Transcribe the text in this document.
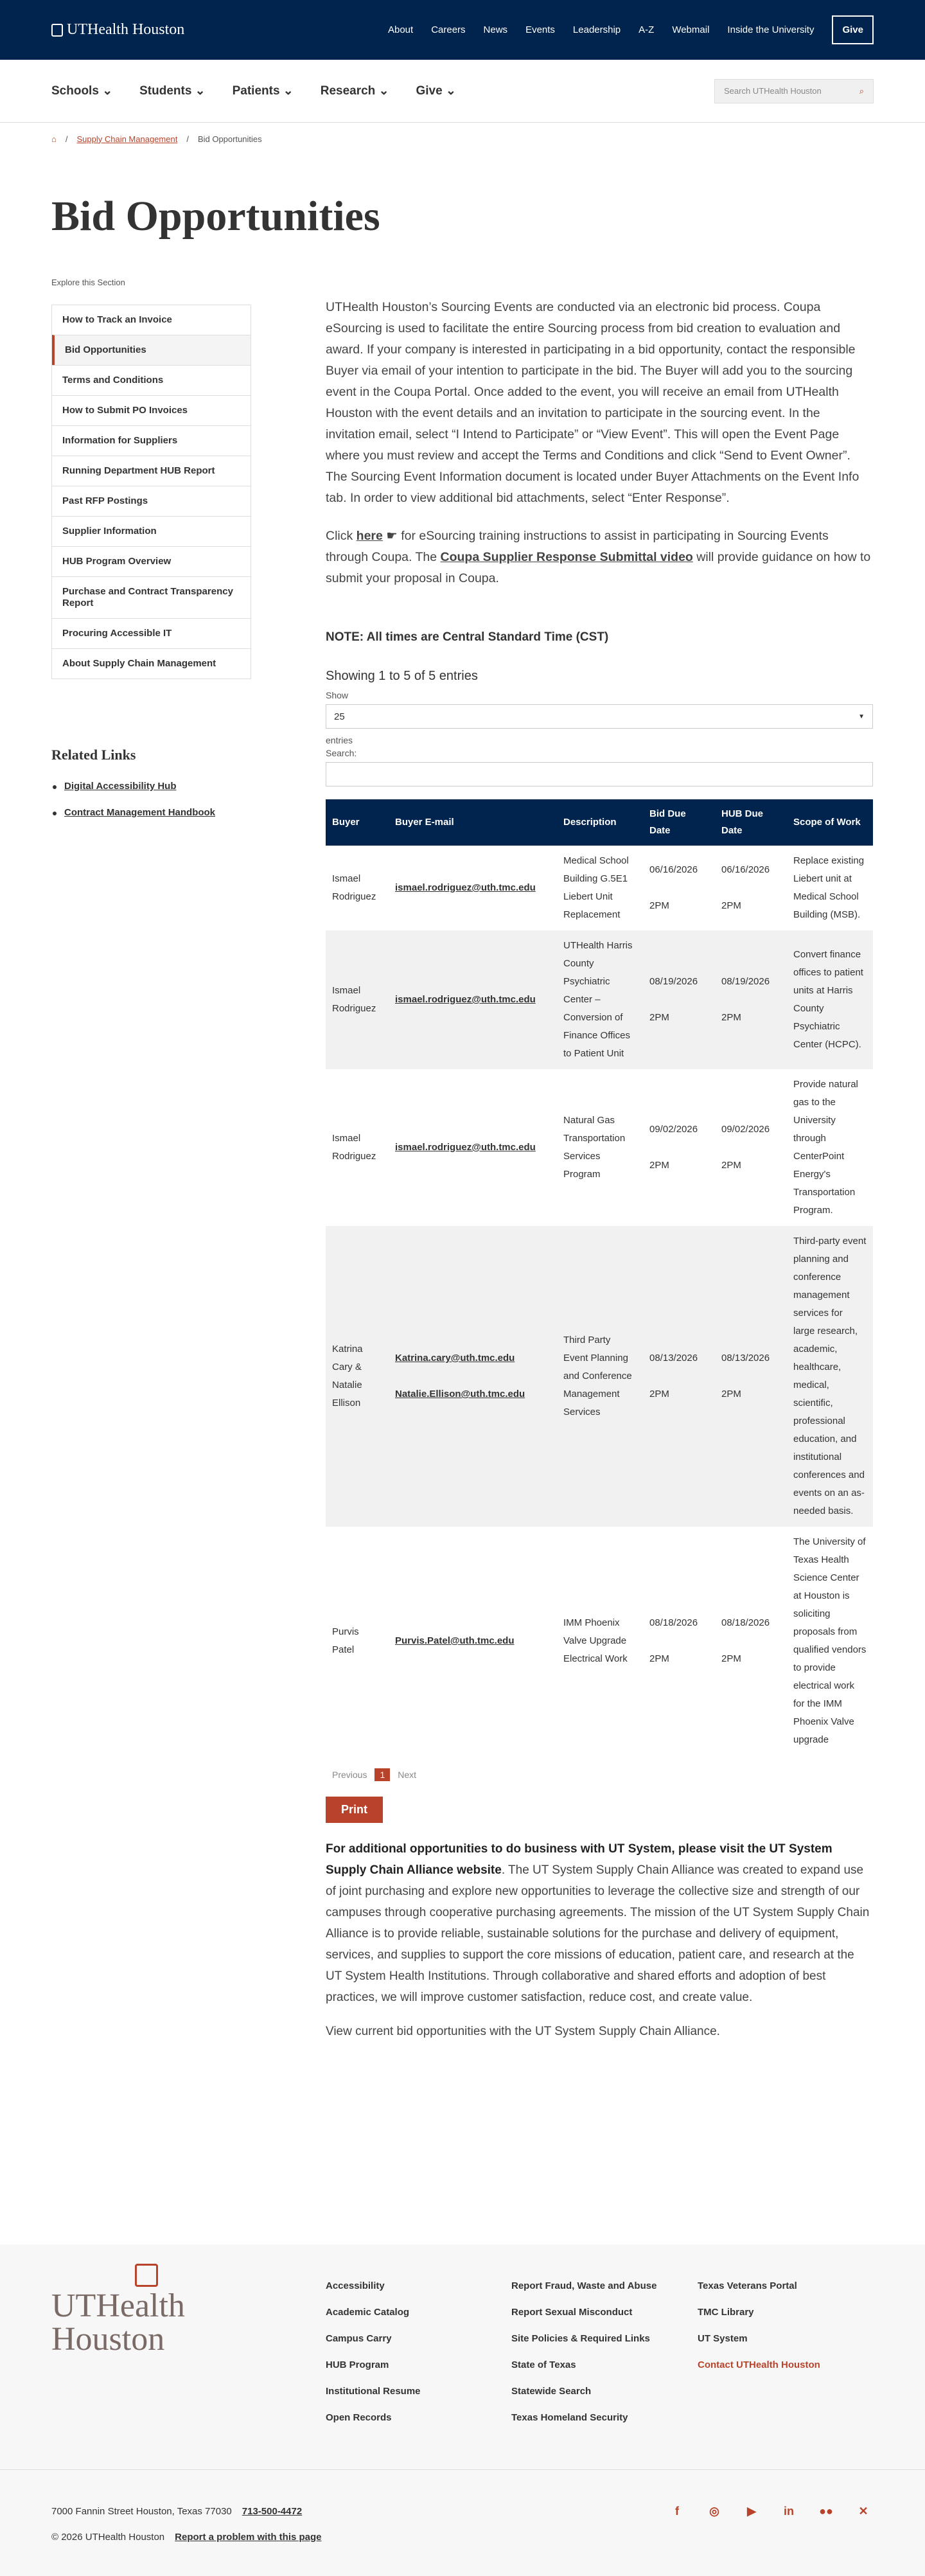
UTHealth Houston	About Careers News Events Leadership A-Z Webmail Inside the University	Give
Schools ⌄ Students ⌄ Patients ⌄ Research ⌄ Give ⌄	Search UTHealth Houston	⌕
⌂ / Supply Chain Management / Bid Opportunities
Bid Opportunities
Explore this Section
How to Track an Invoice
Bid Opportunities
Terms and Conditions
How to Submit PO Invoices
Information for Suppliers
Running Department HUB Report
Past RFP Postings
Supplier Information
HUB Program Overview
Purchase and Contract Transparency Report
Procuring Accessible IT
About Supply Chain Management
Related Links
Digital Accessibility Hub
Contract Management Handbook

UTHealth Houston’s Sourcing Events are conducted via an electronic bid process. Coupa eSourcing is used to facilitate the entire Sourcing process from bid creation to evaluation and award. If your company is interested in participating in a bid opportunity, contact the responsible Buyer via email of your intention to participate in the bid. The Buyer will add you to the sourcing event in the Coupa Portal. Once added to the event, you will receive an email from UTHealth Houston with the event details and an invitation to participate in the sourcing event. In the invitation email, select “I Intend to Participate” or “View Event”. This will open the Event Page where you must review and accept the Terms and Conditions and click “Send to Event Owner”. The Sourcing Event Information document is located under Buyer Attachments on the Event Info tab. In order to view additional bid attachments, select “Enter Response”.

Click here ☛ for eSourcing training instructions to assist in participating in Sourcing Events through Coupa. The Coupa Supplier Response Submittal video will provide guidance on how to submit your proposal in Coupa.

NOTE: All times are Central Standard Time (CST)

Showing 1 to 5 of 5 entries

Show

25	▼

entries

Search:

Buyer	Buyer E-mail	Description	Bid Due Date	HUB Due Date	Scope of Work
Ismael Rodriguez	ismael.rodriguez@uth.tmc.edu	Medical School Building G.5E1 Liebert Unit Replacement	06/16/2026

2PM	06/16/2026

2PM	Replace existing Liebert unit at Medical School Building (MSB).
Ismael Rodriguez	ismael.rodriguez@uth.tmc.edu	UTHealth Harris County Psychiatric Center – Conversion of Finance Offices to Patient Unit	08/19/2026

2PM	08/19/2026

2PM	Convert finance offices to patient units at Harris County Psychiatric Center (HCPC).
Ismael Rodriguez	ismael.rodriguez@uth.tmc.edu	Natural Gas Transportation Services Program	09/02/2026

2PM	09/02/2026

2PM	Provide natural gas to the University through CenterPoint Energy's Transportation Program.
Katrina Cary & Natalie Ellison	Katrina.cary@uth.tmc.edu

Natalie.Ellison@uth.tmc.edu	Third Party Event Planning and Conference Management Services	08/13/2026

2PM	08/13/2026

2PM	Third-party event planning and conference management services for large research, academic, healthcare, medical, scientific, professional education, and institutional conferences and events on an as-needed basis.
Purvis Patel	Purvis.Patel@uth.tmc.edu	IMM Phoenix Valve Upgrade Electrical Work	08/18/2026

2PM	08/18/2026

2PM	The University of Texas Health Science Center at Houston is soliciting proposals from qualified vendors to provide electrical work for the IMM Phoenix Valve upgrade
Previous	1	Next
Print

For additional opportunities to do business with UT System, please visit the UT System Supply Chain Alliance website. The UT System Supply Chain Alliance was created to expand use of joint purchasing and explore new opportunities to leverage the collective size and strength of our campuses through cooperative purchasing agreements. The mission of the UT System Supply Chain Alliance is to provide reliable, sustainable solutions for the purchase and delivery of equipment, services, and supplies to support the core missions of education, patient care, and research at the UT System Health Institutions. Through collaborative and shared efforts and adoption of best practices, we will improve customer satisfaction, reduce cost, and create value.

View current bid opportunities with the UT System Supply Chain Alliance.

UTHealth
Houston
Accessibility
Academic Catalog
Campus Carry
HUB Program
Institutional Resume
Open Records
Report Fraud, Waste and Abuse
Report Sexual Misconduct
Site Policies & Required Links
State of Texas
Statewide Search
Texas Homeland Security
Texas Veterans Portal
TMC Library
UT System
Contact UTHealth Houston

7000 Fannin Street Houston, Texas 77030 713-500-4472

© 2026 UTHealth Houston Report a problem with this page

f	◎ ▶ in ●● ✕
